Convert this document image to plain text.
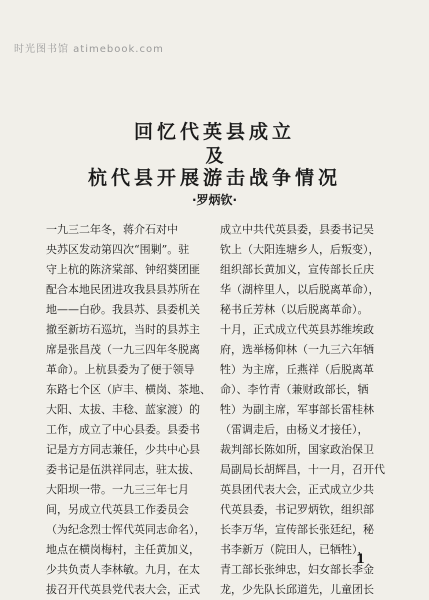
时光图书馆 atimebook.com
回忆代英县成立
及
杭代县开展游击战争情况
·罗炳钦·
一九三二年冬，蒋介石对中
央苏区发动第四次“围剿”。驻
守上杭的陈济棠部、钟绍葵团匪
配合本地民团进攻我县县苏所在
地——白砂。我县苏、县委机关
撤至新坊石巡坑，当时的县苏主
席是张昌茂（一九三四年冬脱离
革命）。上杭县委为了便于领导
东路七个区（庐丰、横岗、茶地、
大阳、太拔、丰稔、蓝家渡）的
工作，成立了中心县委。县委书
记是方方同志兼任，少共中心县
委书记是伍洪祥同志，驻太拔、
大阳坝一带。一九三三年七月
间，另成立代英县工作委员会
（为纪念烈士恽代英同志命名），
地点在横岗梅村，主任黄加义，
少共负责人李林敏。九月，在太
拔召开代英县党代表大会，正式
成立中共代英县委，县委书记吴
钦上（大阳连塘乡人，后叛变），
组织部长黄加义，宣传部长丘庆
华（湖梓里人，以后脱离革命），
秘书丘芳林（以后脱离革命）。
十月，正式成立代英县苏维埃政
府，选举杨仰林（一九三六年牺
牲）为主席，丘燕祥（后脱离革
命）、李竹青（兼财政部长，牺
牲）为副主席，军事部长雷桂林
（雷调走后，由杨义才接任），
裁判部长陈如所，国家政治保卫
局副局长胡辉昌，十一月，召开代
英县团代表大会，正式成立少共
代英县委，书记罗炳钦，组织部
长李万华，宣传部长张廷纪，秘
书李新万（院田人，已牺牲），
青工部长张绅忠，妇女部长李金
龙，少先队长邱道先，儿童团长
1
